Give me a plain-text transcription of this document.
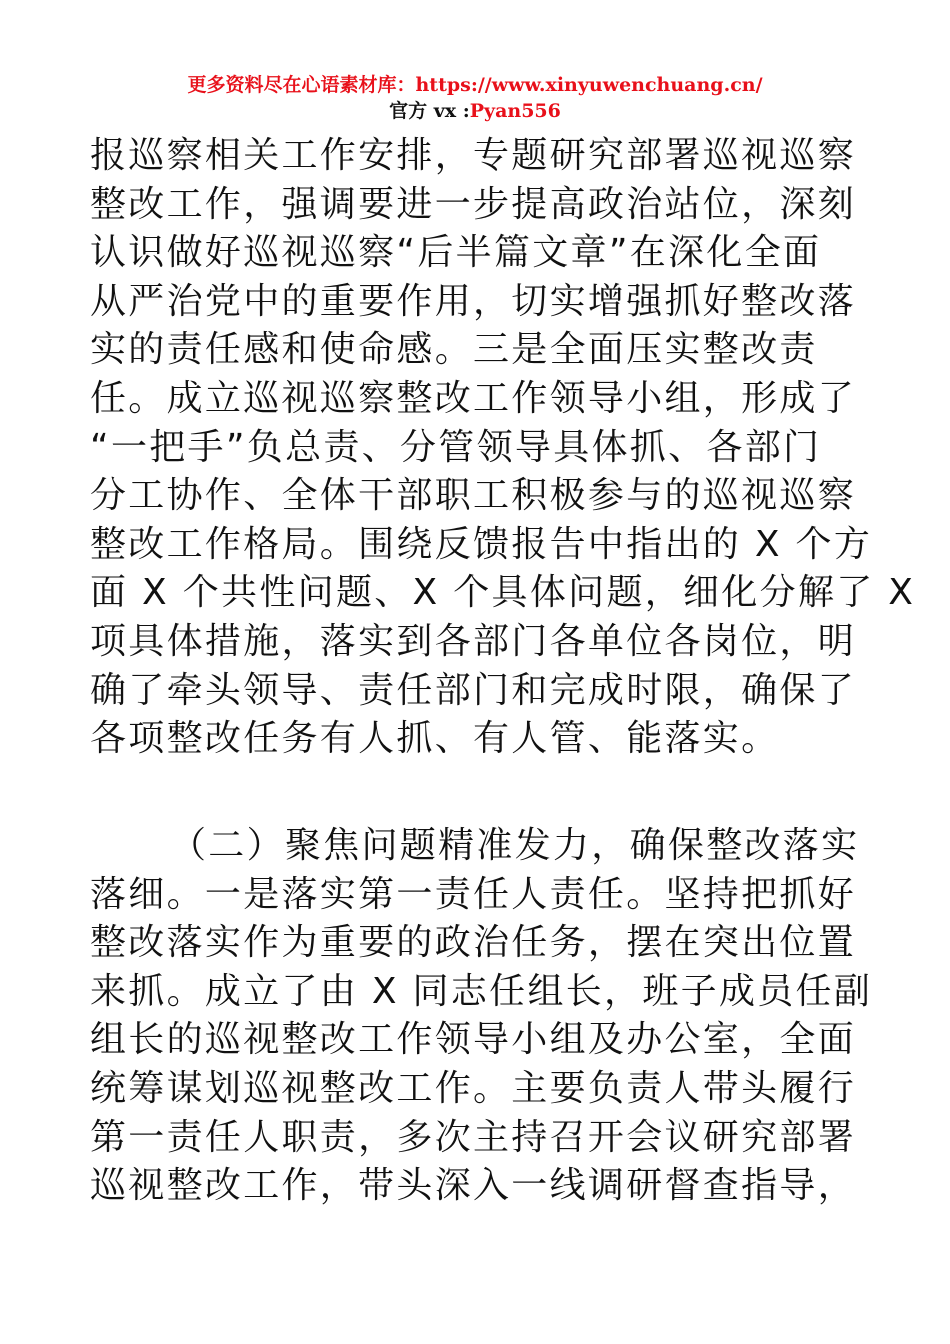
更多资料尽在心语素材库：https://www.xinyuwenchuang.cn/
官方 vx :Pyan556
报巡察相关工作安排，专题研究部署巡视巡察
整改工作，强调要进一步提高政治站位，深刻
认识做好巡视巡察“后半篇文章”在深化全面
从严治党中的重要作用，切实增强抓好整改落
实的责任感和使命感。三是全面压实整改责
任。成立巡视巡察整改工作领导小组，形成了
“一把手”负总责、分管领导具体抓、各部门
分工协作、全体干部职工积极参与的巡视巡察
整改工作格局。围绕反馈报告中指出的 X 个方
面 X 个共性问题、X 个具体问题，细化分解了 X
项具体措施，落实到各部门各单位各岗位，明
确了牵头领导、责任部门和完成时限，确保了
各项整改任务有人抓、有人管、能落实。
（二）聚焦问题精准发力，确保整改落实
落细。一是落实第一责任人责任。坚持把抓好
整改落实作为重要的政治任务，摆在突出位置
来抓。成立了由 X 同志任组长，班子成员任副
组长的巡视整改工作领导小组及办公室，全面
统筹谋划巡视整改工作。主要负责人带头履行
第一责任人职责，多次主持召开会议研究部署
巡视整改工作，带头深入一线调研督查指导，
